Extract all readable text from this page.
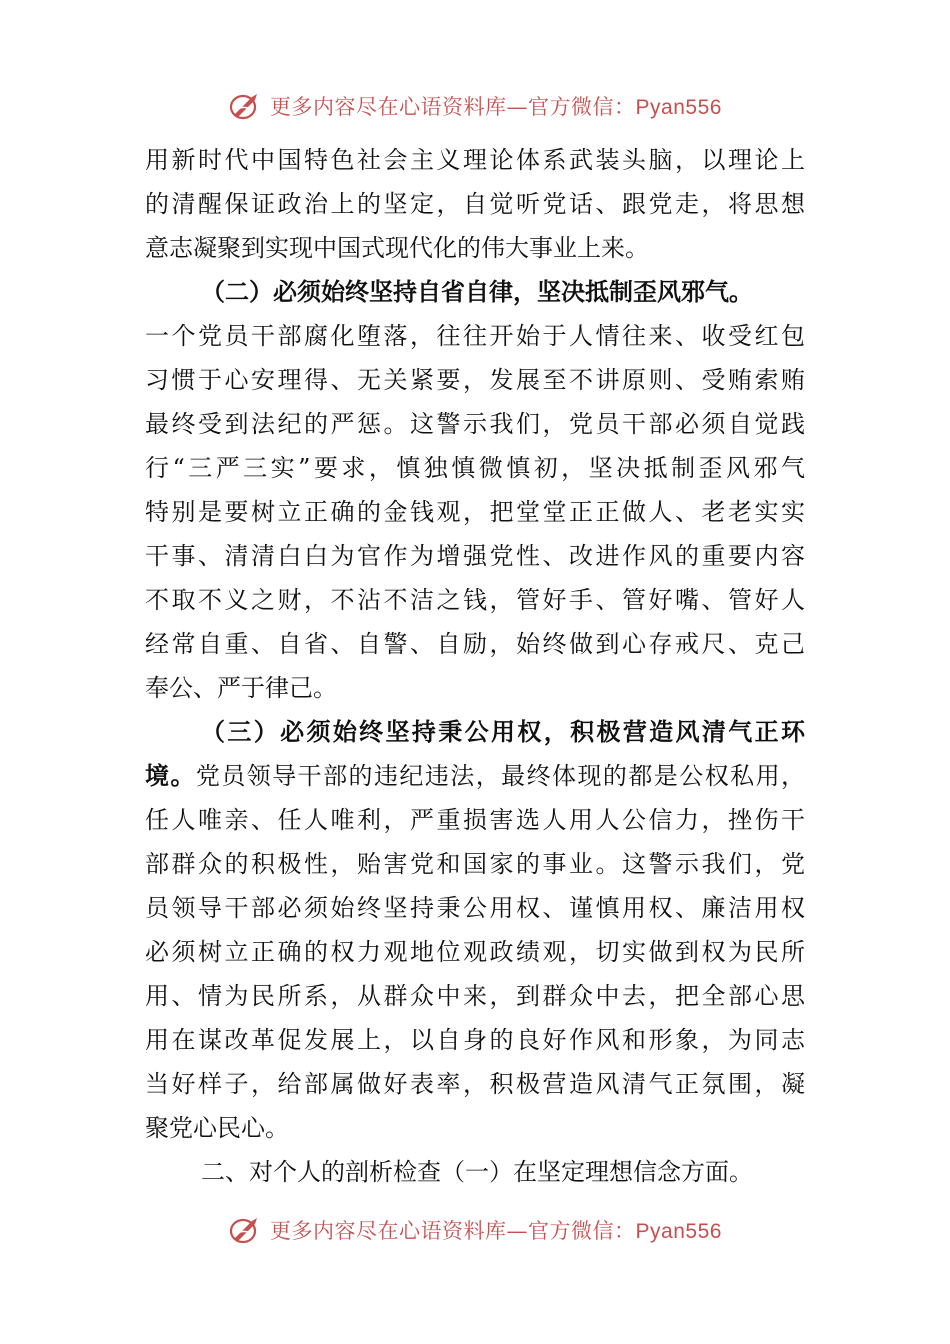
更多内容尽在心语资料库—官方微信：Pyan556
用新时代中国特色社会主义理论体系武装头脑，以理论上
的清醒保证政治上的坚定，自觉听党话、跟党走，将思想
意志凝聚到实现中国式现代化的伟大事业上来。
（二）必须始终坚持自省自律，坚决抵制歪风邪气。
一个党员干部腐化堕落，往往开始于人情往来、收受红包
习惯于心安理得、无关紧要，发展至不讲原则、受贿索贿
最终受到法纪的严惩。这警示我们，党员干部必须自觉践
行“三严三实”要求，慎独慎微慎初，坚决抵制歪风邪气
特别是要树立正确的金钱观，把堂堂正正做人、老老实实
干事、清清白白为官作为增强党性、改进作风的重要内容
不取不义之财，不沾不洁之钱，管好手、管好嘴、管好人
经常自重、自省、自警、自励，始终做到心存戒尺、克己
奉公、严于律己。
（三）必须始终坚持秉公用权，积极营造风清气正环
境。党员领导干部的违纪违法，最终体现的都是公权私用，
任人唯亲、任人唯利，严重损害选人用人公信力，挫伤干
部群众的积极性，贻害党和国家的事业。这警示我们，党
员领导干部必须始终坚持秉公用权、谨慎用权、廉洁用权
必须树立正确的权力观地位观政绩观，切实做到权为民所
用、情为民所系，从群众中来，到群众中去，把全部心思
用在谋改革促发展上，以自身的良好作风和形象，为同志
当好样子，给部属做好表率，积极营造风清气正氛围，凝
聚党心民心。
二、对个人的剖析检查（一）在坚定理想信念方面。
更多内容尽在心语资料库—官方微信：Pyan556
